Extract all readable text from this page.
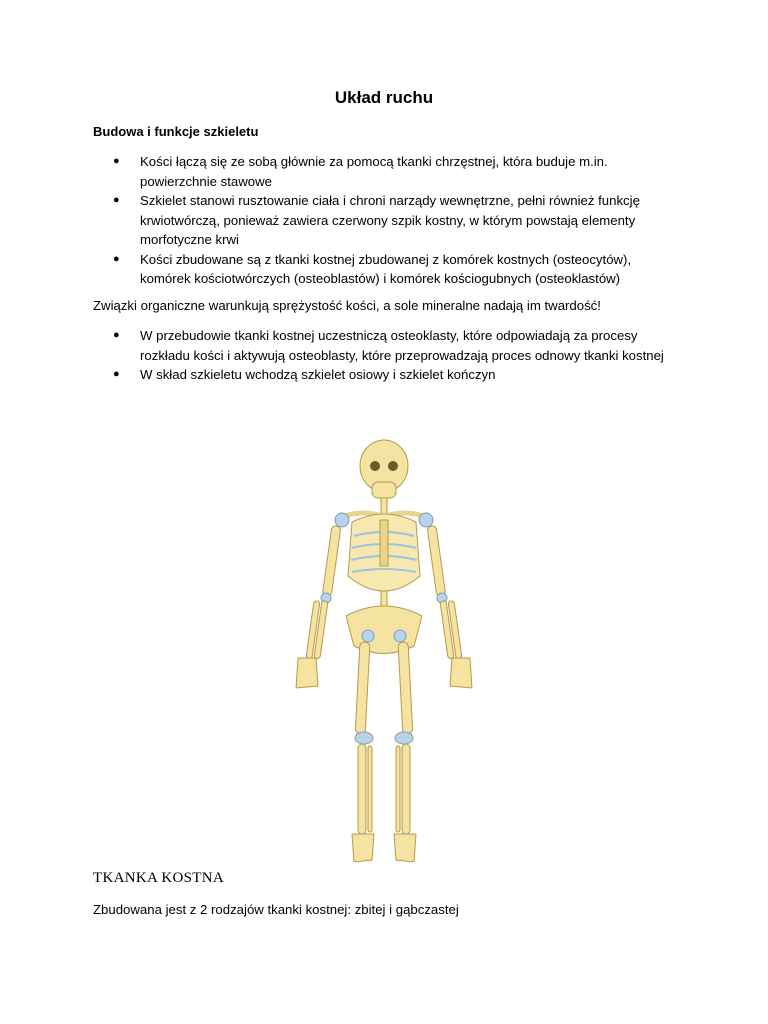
Układ ruchu
Budowa i funkcje szkieletu
● Kości łączą się ze sobą głównie za pomocą tkanki chrzęstnej, która buduje m.in. powierzchnie stawowe
● Szkielet stanowi rusztowanie ciała i chroni narządy wewnętrzne, pełni również funkcję krwiotwórczą, ponieważ zawiera czerwony szpik kostny, w którym powstają elementy morfotyczne krwi
● Kości zbudowane są z tkanki kostnej zbudowanej z komórek kostnych (osteocytów), komórek kościotwórczych (osteoblastów) i komórek kościogubnych (osteoklastów)
Związki organiczne warunkują sprężystość kości, a sole mineralne nadają im twardość!
● W przebudowie tkanki kostnej uczestniczą osteoklasty, które odpowiadają za procesy rozkładu kości i aktywują osteoblasty, które przeprowadzają proces odnowy tkanki kostnej
● W skład szkieletu wchodzą szkielet osiowy i szkielet kończyn
TKANKA KOSTNA
Zbudowana jest z 2 rodzajów tkanki kostnej: zbitej i gąbczastej
